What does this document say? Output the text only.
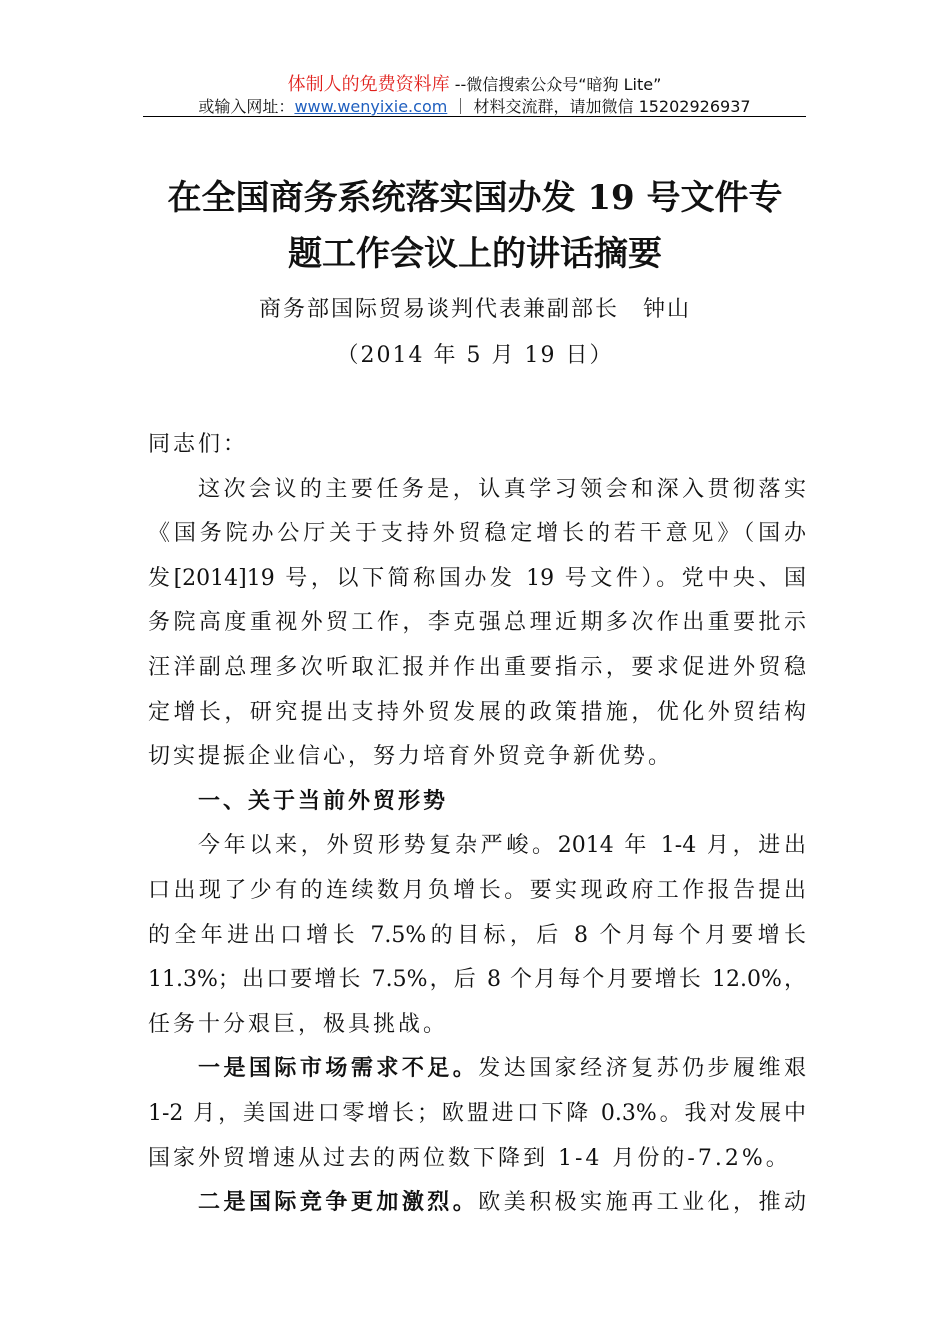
体制人的免费资料库 --微信搜索公众号“暗狗 Lite”
或输入网址：www.wenyixie.com ｜ 材料交流群，请加微信 15202926937
在全国商务系统落实国办发 19 号文件专
题工作会议上的讲话摘要
商务部国际贸易谈判代表兼副部长　钟山
（2014 年 5 月 19 日）
同志们：
这次会议的主要任务是，认真学习领会和深入贯彻落实
《国务院办公厅关于支持外贸稳定增长的若干意见》（国办
发[2014]19 号，以下简称国办发 19 号文件）。党中央、国
务院高度重视外贸工作，李克强总理近期多次作出重要批示
汪洋副总理多次听取汇报并作出重要指示，要求促进外贸稳
定增长，研究提出支持外贸发展的政策措施，优化外贸结构
切实提振企业信心，努力培育外贸竞争新优势。
一、关于当前外贸形势
今年以来，外贸形势复杂严峻。2014 年 1-4 月，进出
口出现了少有的连续数月负增长。要实现政府工作报告提出
的全年进出口增长 7.5%的目标，后 8 个月每个月要增长
11.3%；出口要增长 7.5%，后 8 个月每个月要增长 12.0%，
任务十分艰巨，极具挑战。
一是国际市场需求不足。发达国家经济复苏仍步履维艰
1-2 月，美国进口零增长；欧盟进口下降 0.3%。我对发展中
国家外贸增速从过去的两位数下降到 1-4 月份的-7.2%。
二是国际竞争更加激烈。欧美积极实施再工业化，推动
